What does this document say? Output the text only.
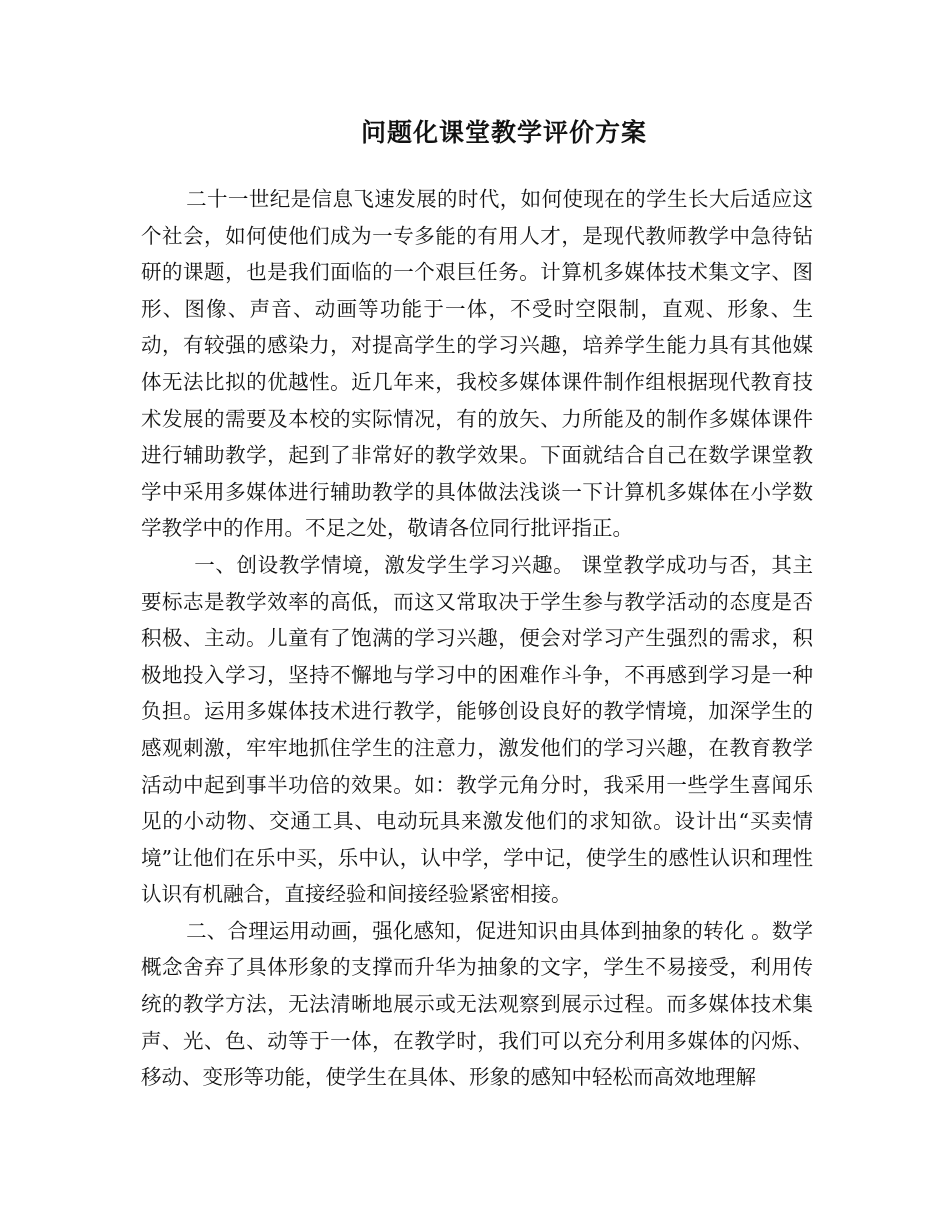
问题化课堂教学评价方案

二十一世纪是信息飞速发展的时代，如何使现在的学生长大后适应这个社会，如何使他们成为一专多能的有用人才，是现代教师教学中急待钻研的课题，也是我们面临的一个艰巨任务。计算机多媒体技术集文字、图形、图像、声音、动画等功能于一体，不受时空限制，直观、形象、生动，有较强的感染力，对提高学生的学习兴趣，培养学生能力具有其他媒体无法比拟的优越性。近几年来，我校多媒体课件制作组根据现代教育技术发展的需要及本校的实际情况，有的放矢、力所能及的制作多媒体课件进行辅助教学，起到了非常好的教学效果。下面就结合自己在数学课堂教学中采用多媒体进行辅助教学的具体做法浅谈一下计算机多媒体在小学数学教学中的作用。不足之处，敬请各位同行批评指正。

一、创设教学情境，激发学生学习兴趣。 课堂教学成功与否，其主要标志是教学效率的高低，而这又常取决于学生参与教学活动的态度是否积极、主动。儿童有了饱满的学习兴趣，便会对学习产生强烈的需求，积极地投入学习，坚持不懈地与学习中的困难作斗争，不再感到学习是一种负担。运用多媒体技术进行教学，能够创设良好的教学情境，加深学生的感观刺激，牢牢地抓住学生的注意力，激发他们的学习兴趣，在教育教学活动中起到事半功倍的效果。如：教学元角分时，我采用一些学生喜闻乐见的小动物、交通工具、电动玩具来激发他们的求知欲。设计出“买卖情境”让他们在乐中买，乐中认，认中学，学中记，使学生的感性认识和理性认识有机融合，直接经验和间接经验紧密相接。

二、合理运用动画，强化感知，促进知识由具体到抽象的转化 。数学概念舍弃了具体形象的支撑而升华为抽象的文字，学生不易接受，利用传统的教学方法，无法清晰地展示或无法观察到展示过程。而多媒体技术集声、光、色、动等于一体，在教学时，我们可以充分利用多媒体的闪烁、移动、变形等功能，使学生在具体、形象的感知中轻松而高效地理解
